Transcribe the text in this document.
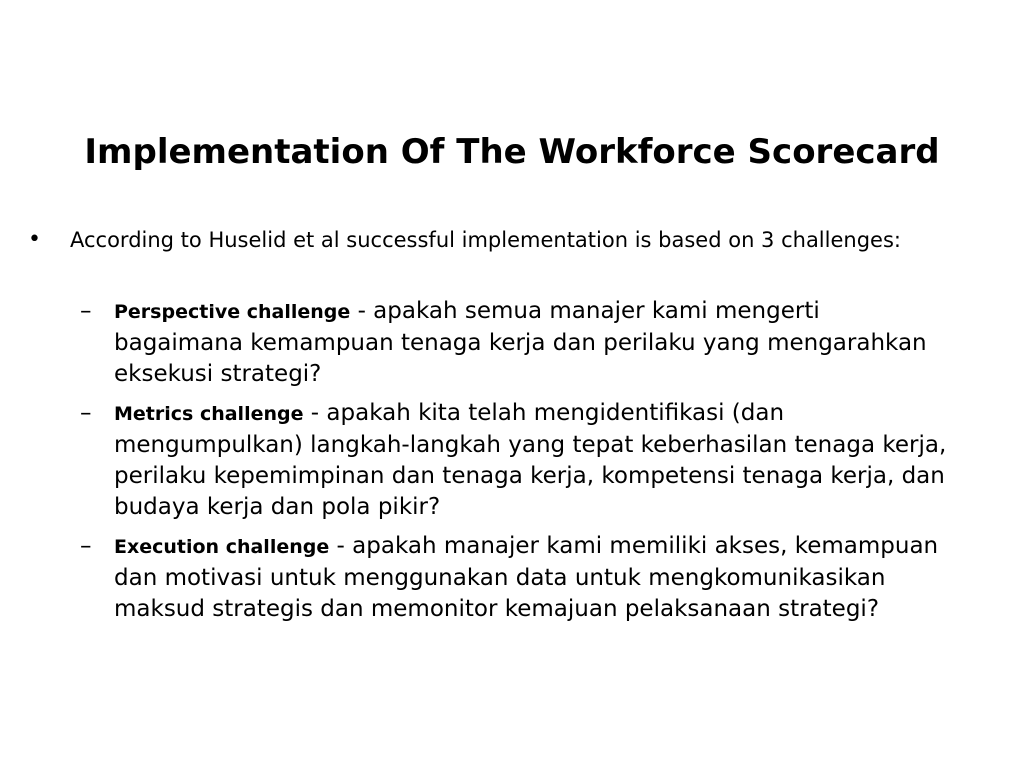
Implementation Of The Workforce Scorecard
• According to Huselid et al successful implementation is based on 3 challenges:
– Perspective challenge - apakah semua manajer kami mengerti bagaimana kemampuan tenaga kerja dan perilaku yang mengarahkan eksekusi strategi?
– Metrics challenge - apakah kita telah mengidentifikasi (dan mengumpulkan) langkah-langkah yang tepat keberhasilan tenaga kerja, perilaku kepemimpinan dan tenaga kerja, kompetensi tenaga kerja, dan budaya kerja dan pola pikir?
– Execution challenge - apakah manajer kami memiliki akses, kemampuan dan motivasi untuk menggunakan data untuk mengkomunikasikan maksud strategis dan memonitor kemajuan pelaksanaan strategi?
